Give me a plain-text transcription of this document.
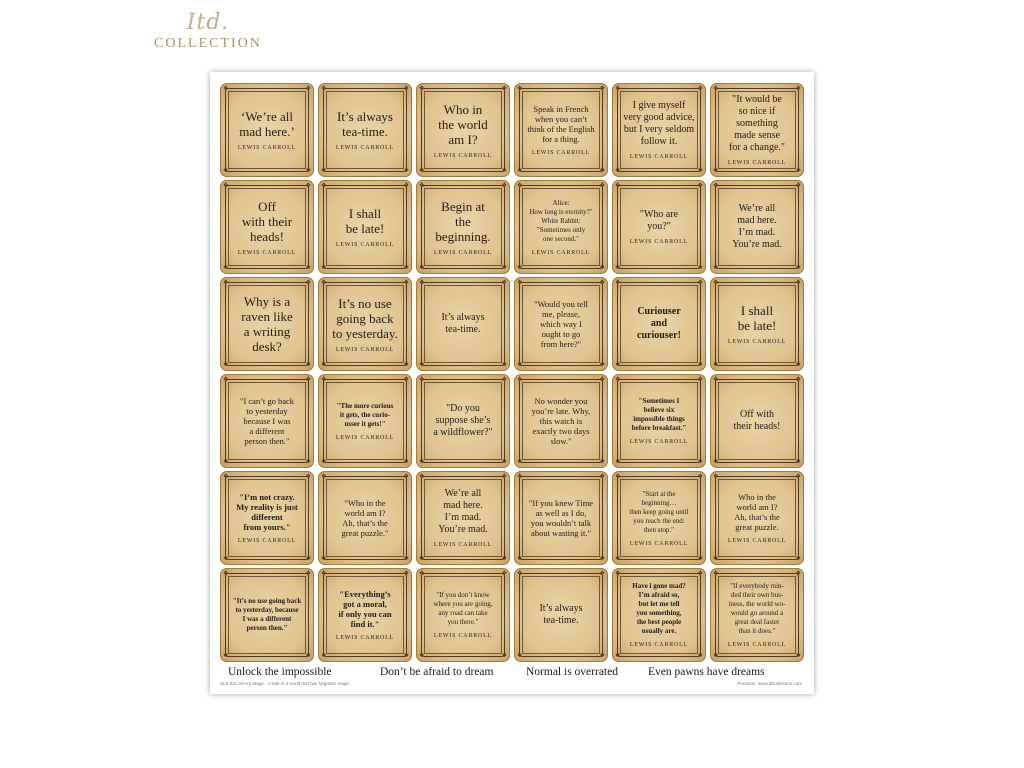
Itd.
COLLECTION
❖	❖
❖	❖

‘We’re all
mad here.’

LEWIS CARROLL
❖	❖
❖	❖

It’s always
tea-time.

LEWIS CARROLL
❖	❖
❖	❖

Who in
the world
am I?

LEWIS CARROLL
❖	❖
❖	❖

Speak in French
when you can’t
think of the English
for a thing.

LEWIS CARROLL
❖	❖
❖	❖

I give myself
very good advice,
but I very seldom
follow it.

LEWIS CARROLL
❖	❖
❖	❖

"It would be
so nice if
something
made sense
for a change."

LEWIS CARROLL
❖	❖
❖	❖

Off
with their
heads!

LEWIS CARROLL
❖	❖
❖	❖

I shall
be late!

LEWIS CARROLL
❖	❖
❖	❖

Begin at
the
beginning.

LEWIS CARROLL
❖	❖
❖	❖

Alice:
How long is eternity?"
White Rabbit:
"Sometimes only
one second."

LEWIS CARROLL
❖	❖
❖	❖

"Who are
you?"

LEWIS CARROLL
❖	❖
❖	❖

We’re all
mad here.
I’m mad.
You’re mad.

❖	❖
❖	❖

Why is a
raven like
a writing
desk?

❖	❖
❖	❖

It’s no use
going back
to yesterday.

LEWIS CARROLL
❖	❖
❖	❖

It’s always
tea-time.

❖	❖
❖	❖

"Would you tell
me, please,
which way I
ought to go
from here?"

❖	❖
❖	❖

Curiouser
and
curiouser!

❖	❖
❖	❖

I shall
be late!

LEWIS CARROLL
❖	❖
❖	❖

"I can’t go back
to yesterday
because I was
a different
person then."

❖	❖
❖	❖

"The more curious
it gets, the curio-
usser it gets!"

LEWIS CARROLL
❖	❖
❖	❖

"Do you
suppose she’s
a wildflower?"

❖	❖
❖	❖

No wonder you
you’re late. Why,
this watch is
exactly two days
slow."

❖	❖
❖	❖

"Sometimes I
believe six
impossible things
before breakfast."

LEWIS CARROLL
❖	❖
❖	❖

Off with
their heads!

❖	❖
❖	❖

"I’m not crazy.
My reality is just
different
from yours."

LEWIS CARROLL
❖	❖
❖	❖

"Who in the
world am I?
Ah, that’s the
great puzzle."

❖	❖
❖	❖

We’re all
mad here.
I’m mad.
You’re mad.

LEWIS CARROLL
❖	❖
❖	❖

"If you knew Time
as well as I do,
you wouldn’t talk
about wasting it."

❖	❖
❖	❖

"Start at the
beginning…
then keep going until
you reach the end:
then stop."

LEWIS CARROLL
❖	❖
❖	❖

Who in the
world am I?
Ah, that’s the
great puzzle.

LEWIS CARROLL
❖	❖
❖	❖

"It’s no use going back
to yesterday, because
I was a different
person then."

❖	❖
❖	❖

"Everything’s
got a moral,
if only you can
find it."

LEWIS CARROLL
❖	❖
❖	❖

"If you don’t know
where you are going,
any road can take
you there."

LEWIS CARROLL
❖	❖
❖	❖

It’s always
tea-time.

❖	❖
❖	❖

Have i gone mad?
I’m afraid so,
but let me tell
you something,
the best people
usually are.

LEWIS CARROLL
❖	❖
❖	❖

"If everybody min-
ded their own bus-
iness, the world wo-
would go around a
great deal faster
than it does."

LEWIS CARROLL
Unlock the impossible	Don’t be afraid to dream	Normal is overrated	Even pawns have dreams
SLS 041 Alice's Magic - A tale of a world that has forgotten magic	Producer: www.itdcollection.com
